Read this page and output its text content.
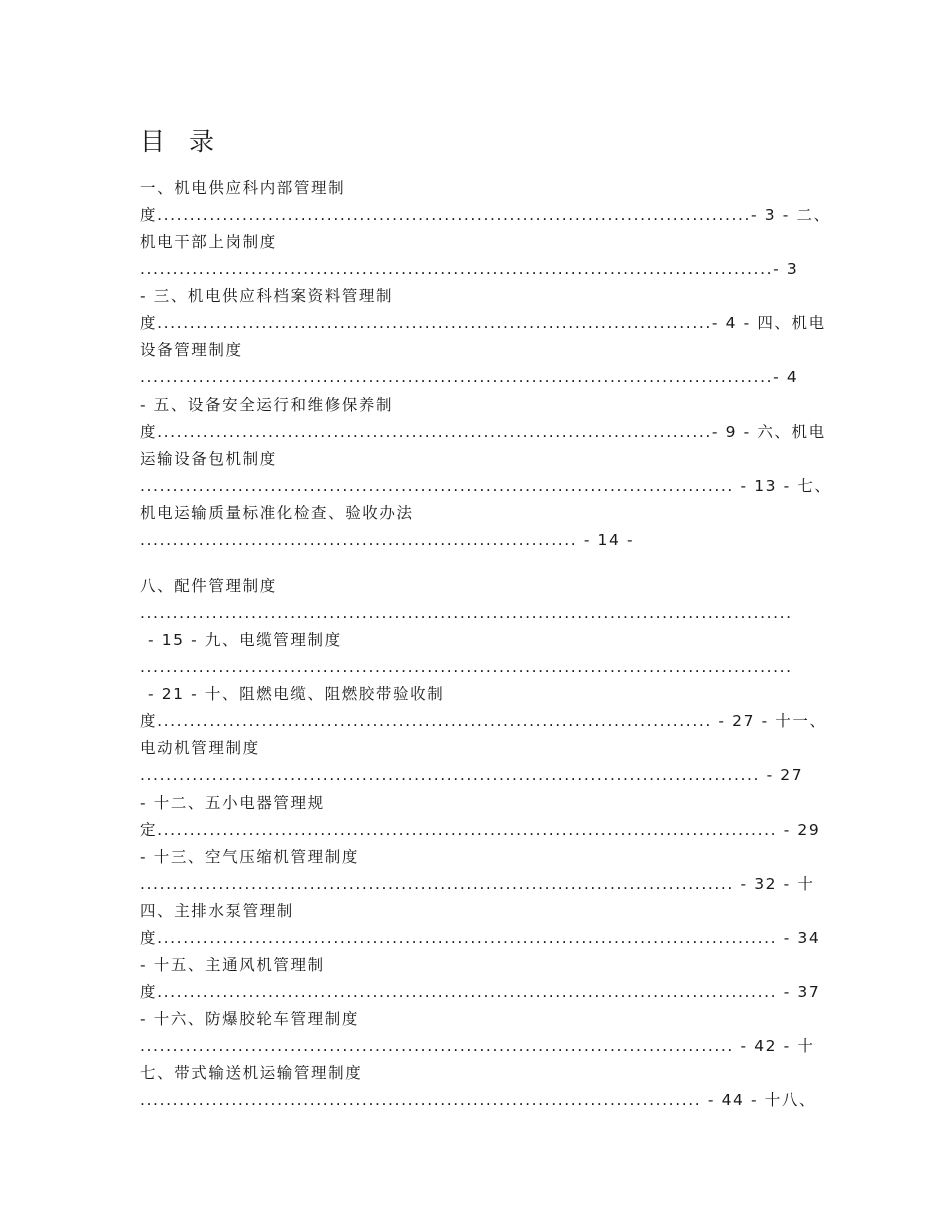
目 录
一、机电供应科内部管理制
度...........................................................................................- 3 - 二、
机电干部上岗制度
.................................................................................................- 3
- 三、机电供应科档案资料管理制
度.....................................................................................- 4 - 四、机电
设备管理制度
.................................................................................................- 4
- 五、设备安全运行和维修保养制
度.....................................................................................- 9 - 六、机电
运输设备包机制度
........................................................................................... - 13 - 七、
机电运输质量标准化检查、验收办法
................................................................... - 14 -
八、配件管理制度
....................................................................................................
- 15 - 九、电缆管理制度
....................................................................................................
- 21 - 十、阻燃电缆、阻燃胶带验收制
度..................................................................................... - 27 - 十一、
电动机管理制度
............................................................................................... - 27
- 十二、五小电器管理规
定............................................................................................... - 29
- 十三、空气压缩机管理制度
........................................................................................... - 32 - 十
四、主排水泵管理制
度............................................................................................... - 34
- 十五、主通风机管理制
度............................................................................................... - 37
- 十六、防爆胶轮车管理制度
........................................................................................... - 42 - 十
七、带式输送机运输管理制度
...................................................................................... - 44 - 十八、
